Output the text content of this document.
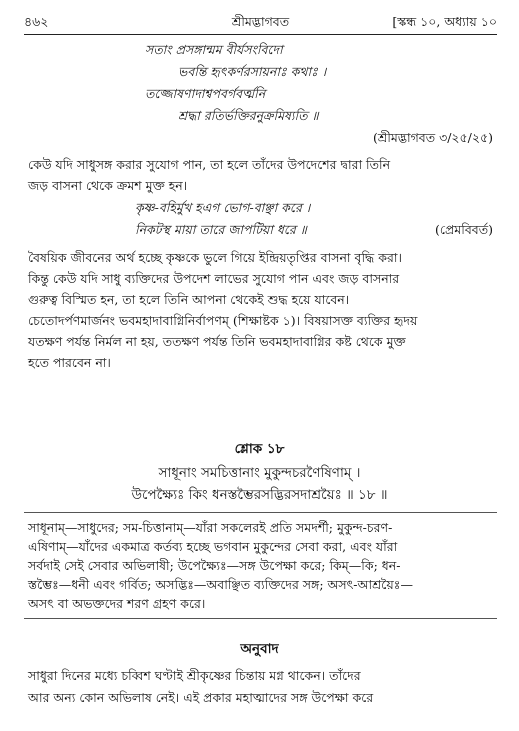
৪৬২	শ্রীমদ্ভাগবত	[স্কন্ধ ১০, অধ্যায় ১০
সতাং প্রসঙ্গান্মম বীর্যসংবিদো
ভবন্তি হৃৎকর্ণরসায়নাঃ কথাঃ ।
তজ্জোষণাদাশ্বপবর্গবর্ত্মনি
শ্রদ্ধা রতির্ভক্তিরনুক্রমিষ্যতি ॥
(শ্রীমদ্ভাগবত ৩/২৫/২৫)
কেউ যদি সাধুসঙ্গ করার সুযোগ পান, তা হলে তাঁদের উপদেশের দ্বারা তিনি
জড় বাসনা থেকে ক্রমশ মুক্ত হন।
কৃষ্ণ-বহির্মুখ হএগ ভোগ-বাঞ্ছা করে ।
নিকটস্থ মায়া তারে জাপটিয়া ধরে ॥	(প্রেমবিবর্ত)
বৈষয়িক জীবনের অর্থ হচ্ছে কৃষ্ণকে ভুলে গিয়ে ইন্দ্রিয়তৃপ্তির বাসনা বৃদ্ধি করা।
কিন্তু কেউ যদি সাধু ব্যক্তিদের উপদেশ লাভের সুযোগ পান এবং জড় বাসনার
গুরুত্ব বিস্মিত হন, তা হলে তিনি আপনা থেকেই শুদ্ধ হয়ে যাবেন।
চেতোদর্পণমার্জনং ভবমহাদাবাগ্নিনির্বাপণম্ (শিক্ষাষ্টক ১)। বিষয়াসক্ত ব্যক্তির হৃদয়
যতক্ষণ পর্যন্ত নির্মল না হয়, ততক্ষণ পর্যন্ত তিনি ভবমহাদাবাগ্নির কষ্ট থেকে মুক্ত
হতে পারবেন না।
শ্লোক ১৮
সাধূনাং সমচিত্তানাং মুকুন্দচরণৈষিণাম্ ।
উপেক্ষ্যৈঃ কিং ধনস্তম্ভৈরসদ্ভিরসদাশ্রয়ৈঃ ॥ ১৮ ॥
সাধূনাম্—সাধুদের; সম-চিত্তানাম্—যাঁরা সকলেরই প্রতি সমদর্শী; মুকুন্দ-চরণ-
এষিণাম্—যাঁদের একমাত্র কর্তব্য হচ্ছে ভগবান মুকুন্দের সেবা করা, এবং যাঁরা
সর্বদাই সেই সেবার অভিলাষী; উপেক্ষ্যৈঃ—সঙ্গ উপেক্ষা করে; কিম্—কি; ধন-
স্তম্ভৈঃ—ধনী এবং গর্বিত; অসদ্ভিঃ—অবাঞ্ছিত ব্যক্তিদের সঙ্গ; অসৎ-আশ্রয়ৈঃ—
অসৎ বা অভক্তদের শরণ গ্রহণ করে।
অনুবাদ
সাধুরা দিনের মধ্যে চব্বিশ ঘণ্টাই শ্রীকৃষ্ণের চিন্তায় মগ্ন থাকেন। তাঁদের
আর অন্য কোন অভিলাষ নেই। এই প্রকার মহাত্মাদের সঙ্গ উপেক্ষা করে
